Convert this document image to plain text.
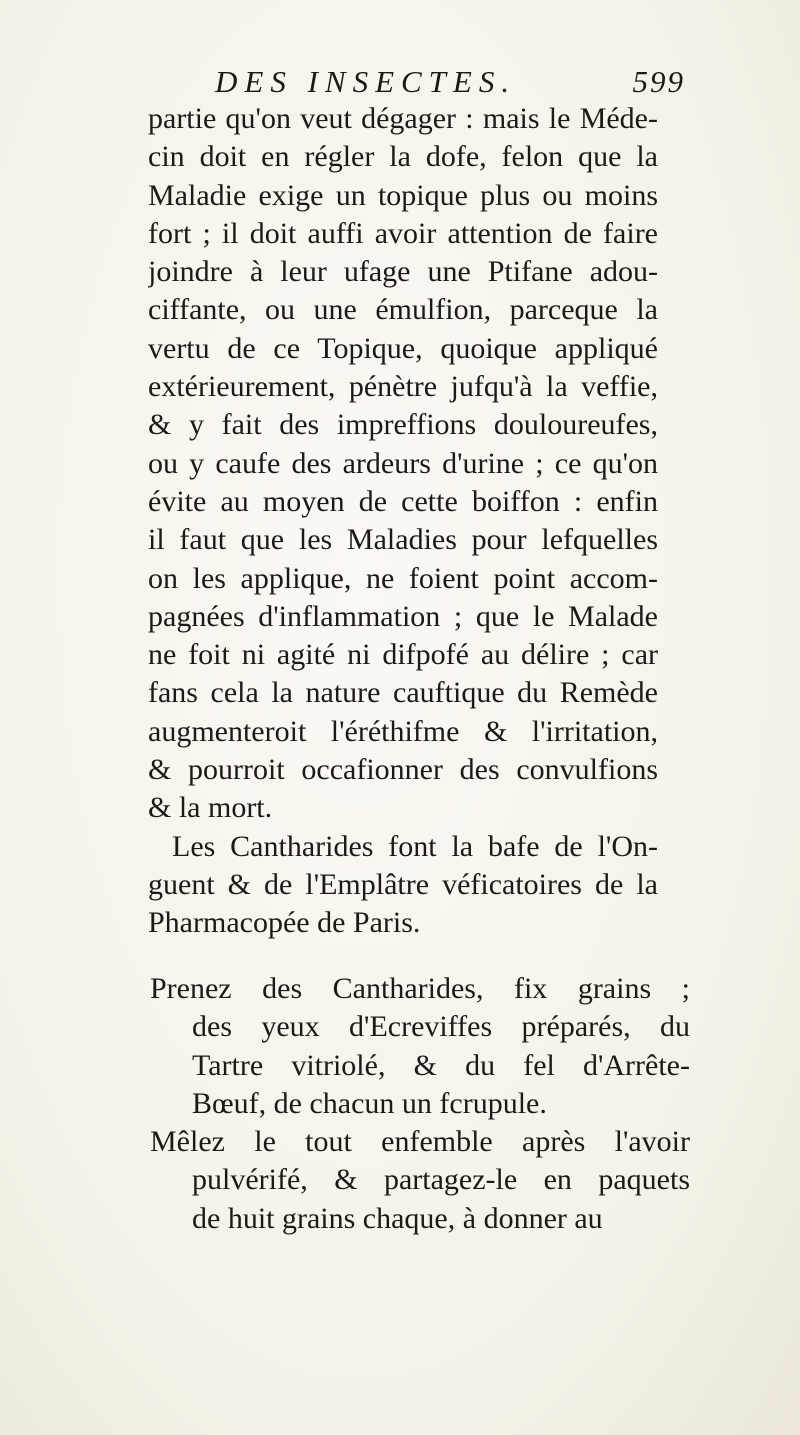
DES INSECTES.	599
partie qu'on veut dégager : mais le Méde-
cin doit en régler la dofe, felon que la
Maladie exige un topique plus ou moins
fort ; il doit auffi avoir attention de faire
joindre à leur ufage une Ptifane adou-
ciffante, ou une émulfion, parceque la
vertu de ce Topique, quoique appliqué
extérieurement, pénètre jufqu'à la veffie,
& y fait des impreffions douloureufes,
ou y caufe des ardeurs d'urine ; ce qu'on
évite au moyen de cette boiffon : enfin
il faut que les Maladies pour lefquelles
on les applique, ne foient point accom-
pagnées d'inflammation ; que le Malade
ne foit ni agité ni difpofé au délire ; car
fans cela la nature cauftique du Remède
augmenteroit l'éréthifme & l'irritation,
& pourroit occafionner des convulfions
& la mort.
Les Cantharides font la bafe de l'On-
guent & de l'Emplâtre véficatoires de la
Pharmacopée de Paris.
Prenez des Cantharides, fix grains ;
des yeux d'Ecreviffes préparés, du
Tartre vitriolé, & du fel d'Arrête-
Bœuf, de chacun un fcrupule.
Mêlez le tout enfemble après l'avoir
pulvérifé, & partagez-le en paquets
de huit grains chaque, à donner au
